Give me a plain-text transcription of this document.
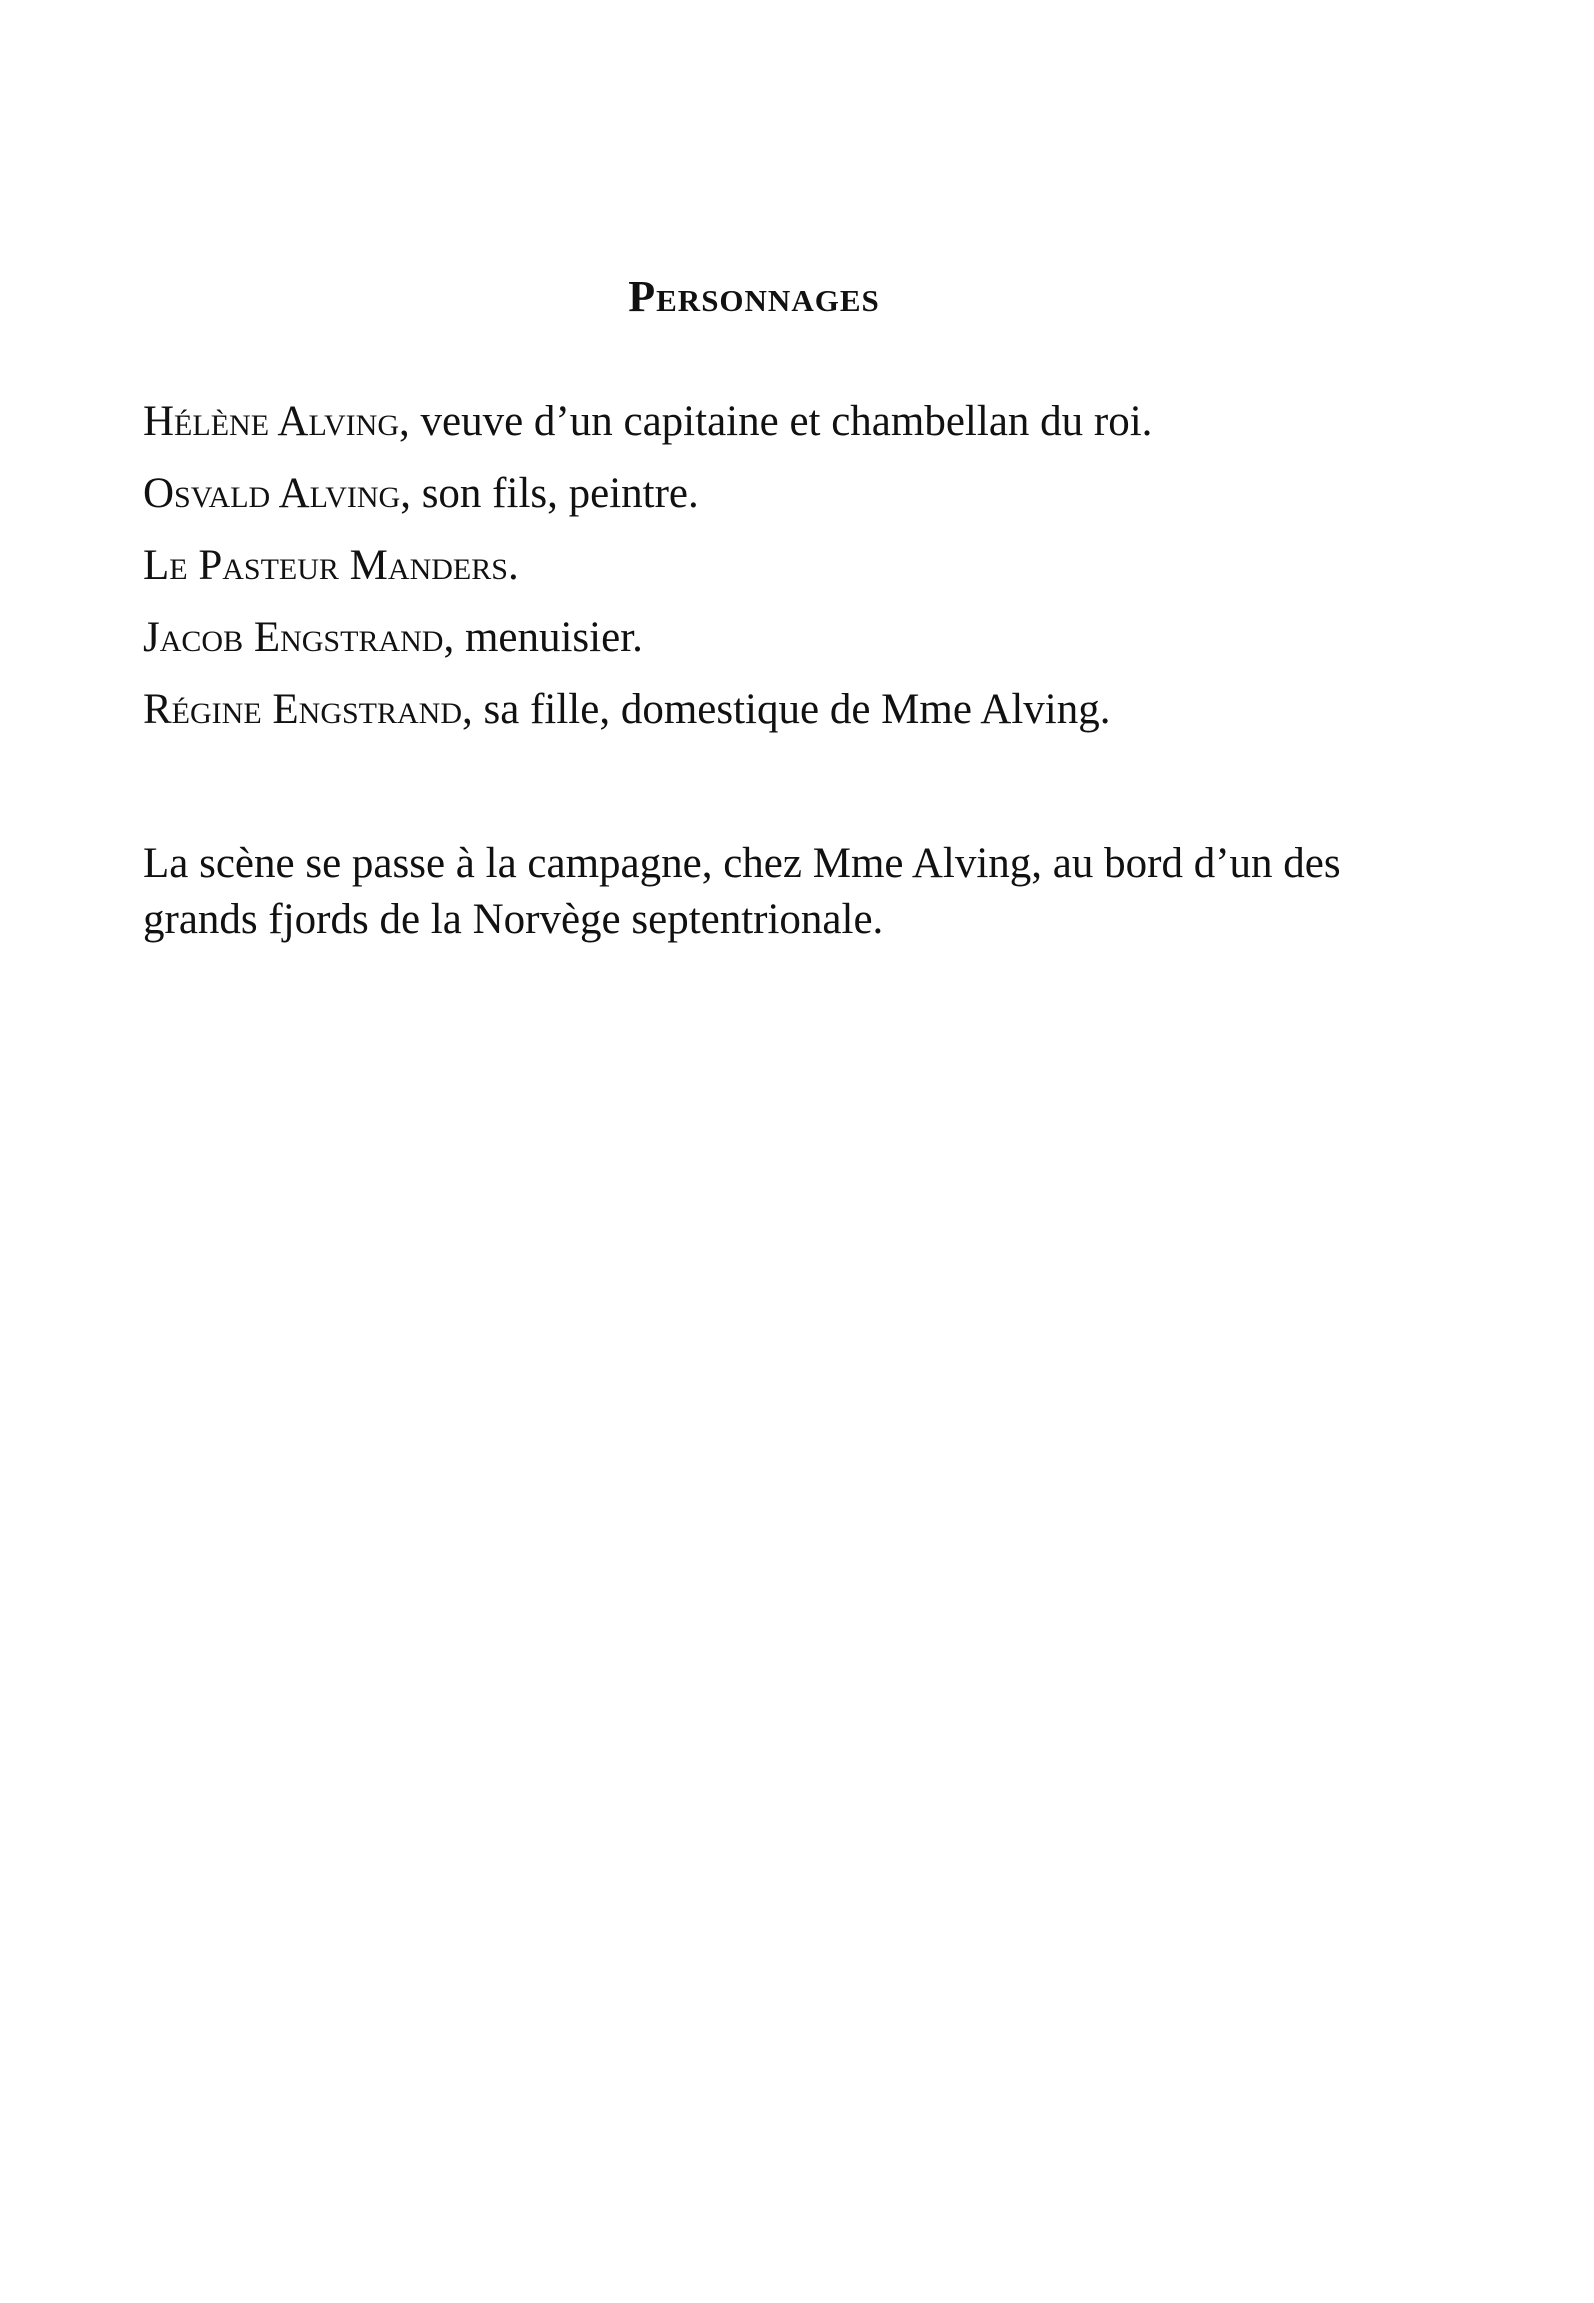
Personnages
Hélène Alving, veuve d’un capitaine et chambellan du roi.
Osvald Alving, son fils, peintre.
Le Pasteur Manders.
Jacob Engstrand, menuisier.
Régine Engstrand, sa fille, domestique de Mme Alving.

La scène se passe à la campagne, chez Mme Alving, au bord d’un des grands fjords de la Norvège septentrionale.
